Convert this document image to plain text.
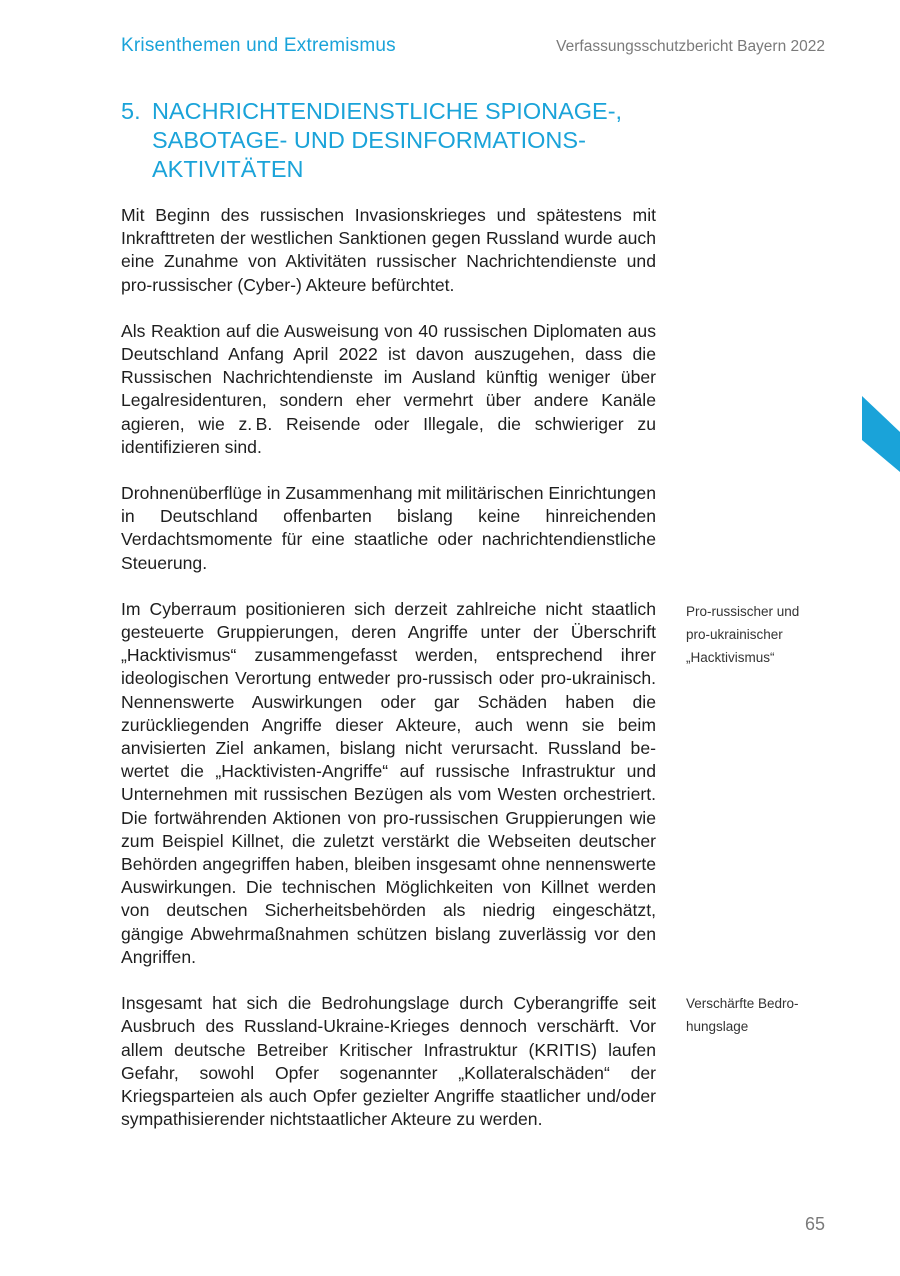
Krisenthemen und Extremismus	Verfassungsschutzbericht Bayern 2022
5. NACHRICHTENDIENSTLICHE SPIONAGE-,
SABOTAGE- UND DESINFORMATIONS-
AKTIVITÄTEN

Mit Beginn des russischen Invasionskrieges und spätestens mit Inkrafttreten der westlichen Sanktionen gegen Russland wurde auch eine Zunahme von Aktivitäten russischer Nachrichtendienste und pro-russischer (Cyber-) Akteure befürchtet.

Als Reaktion auf die Ausweisung von 40 russischen Diplomaten aus Deutschland Anfang April 2022 ist davon auszugehen, dass die Russischen Nachrichtendienste im Ausland künftig weniger über Legalresidenturen, sondern eher vermehrt über andere Kanäle agieren, wie z. B. Reisende oder Illegale, die schwieriger zu identifizieren sind.

Drohnenüberflüge in Zusammenhang mit militärischen Einrichtungen in Deutschland offenbarten bislang keine hinreichenden Verdachtsmomente für eine staatliche oder nachrichtendienstliche Steuerung.

Im Cyberraum positionieren sich derzeit zahlreiche nicht staatlich gesteuerte Gruppierungen, deren Angriffe unter der Überschrift „Hacktivismus“ zusammengefasst werden, entsprechend ihrer ideologischen Verortung entweder pro-russisch oder pro-ukrainisch. Nennenswerte Auswirkungen oder gar Schäden haben die zurückliegenden Angriffe dieser Akteure, auch wenn sie beim anvisierten Ziel ankamen, bislang nicht verursacht. Russland bewertet die „Hacktivisten-Angriffe“ auf russische Infrastruktur und Unternehmen mit russischen Bezügen als vom Westen orchestriert. Die fortwährenden Aktionen von pro-russischen Gruppierungen wie zum Beispiel Killnet, die zuletzt verstärkt die Webseiten deutscher Behörden angegriffen haben, bleiben insgesamt ohne nennenswerte Auswirkungen. Die technischen Möglichkeiten von Killnet werden von deutschen Sicherheitsbehörden als niedrig eingeschätzt, gängige Abwehrmaßnahmen schützen bislang zuverlässig vor den Angriffen.

Insgesamt hat sich die Bedrohungslage durch Cyberangriffe seit Ausbruch des Russland-Ukraine-Krieges dennoch verschärft. Vor allem deutsche Betreiber Kritischer Infrastruktur (KRITIS) laufen Gefahr, sowohl Opfer sogenannter „Kollateralschäden“ der Kriegsparteien als auch Opfer gezielter Angriffe staatlicher und/oder sympathisierender nichtstaatlicher Akteure zu werden.

Pro-russischer und
pro-ukrainischer
„Hacktivismus“
Verschärfte Bedro-
hungslage
65
